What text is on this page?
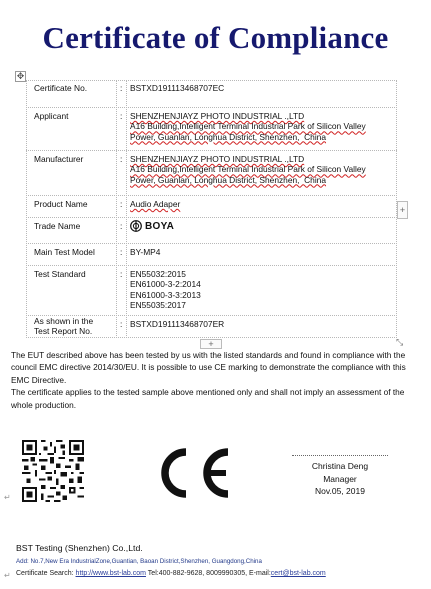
Certificate of Compliance
✥
Certificate No.	: BSTXD191113468707EC
Applicant	: SHENZHENJIAYZ PHOTO INDUSTRIAL .,LTD
A16 Building,Intelligent Terminal Industrial Park of Silicon Valley
Power, Guanlan, Longhua District, Shenzhen,  China
Manufacturer	: SHENZHENJIAYZ PHOTO INDUSTRIAL .,LTD
A16 Building,Intelligent Terminal Industrial Park of Silicon Valley
Power, Guanlan, Longhua District, Shenzhen,  China
Product Name	: Audio Adaper
Trade Name	: BOYA
Main Test Model	: BY-MP4
Test Standard	: EN55032:2015
EN61000-3-2:2014
EN61000-3-3:2013
EN55035:2017
As shown in the
Test Report No.
: BSTXD191113468707ER
+
+	⤡

The EUT described above has been tested by us with the listed standards and found in compliance with the council EMC directive 2014/30/EU. It is possible to use CE marking to demonstrate the compliance with this EMC Directive.

The certificate applies to the tested sample above mentioned only and shall not imply an assessment of the whole production.

Christina Deng
Manager
Nov.05, 2019
↵
↵
BST Testing (Shenzhen) Co.,Ltd.
Add: No.7,New Era IndustrialZone,Guantian, Baoan District,Shenzhen, Guangdong,China
Certificate Search: http://www.bst-lab.com Tel:400-882-9628, 8009990305, E-mail:cert@bst-lab.com
